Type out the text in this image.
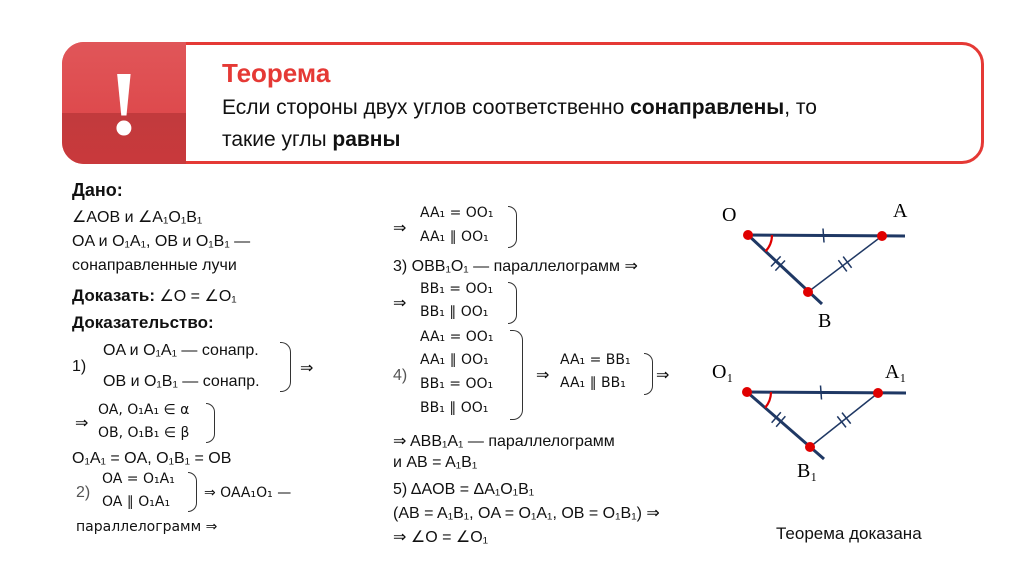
!	Теорема
Если стороны двух углов соответственно сонаправлены, то
такие углы равны
Дано:
∠AOB и ∠A₁O₁B₁
OA и O₁A₁, OB и O₁B₁ —
сонаправленные лучи
Доказать: ∠O = ∠O₁
Доказательство:
1)
OA и O₁A₁ — сонапр.
OB и O₁B₁ — сонапр.
⇒
⇒
OA, O₁A₁ ∈ α
OB, O₁B₁ ∈ β
O₁A₁ = OA, O₁B₁ = OB
2)
OA = O₁A₁
OA ∥ O₁A₁
⇒ OAA₁O₁ —
параллелограмм ⇒
⇒
AA₁ = OO₁
AA₁ ∥ OO₁
3) OBB₁O₁ — параллелограмм ⇒
⇒
BB₁ = OO₁
BB₁ ∥ OO₁
4)
AA₁ = OO₁
AA₁ ∥ OO₁
BB₁ = OO₁
BB₁ ∥ OO₁
⇒
AA₁ = BB₁
AA₁ ∥ BB₁ ⇒
⇒ ABB₁A₁ — параллелограмм
и AB = A₁B₁
5) ΔAOB = ΔA₁O₁B₁
(AB = A₁B₁, OA = O₁A₁, OB = O₁B₁) ⇒
⇒ ∠O = ∠O₁
O	A
B
O₁	A₁
B₁
Теорема доказана
